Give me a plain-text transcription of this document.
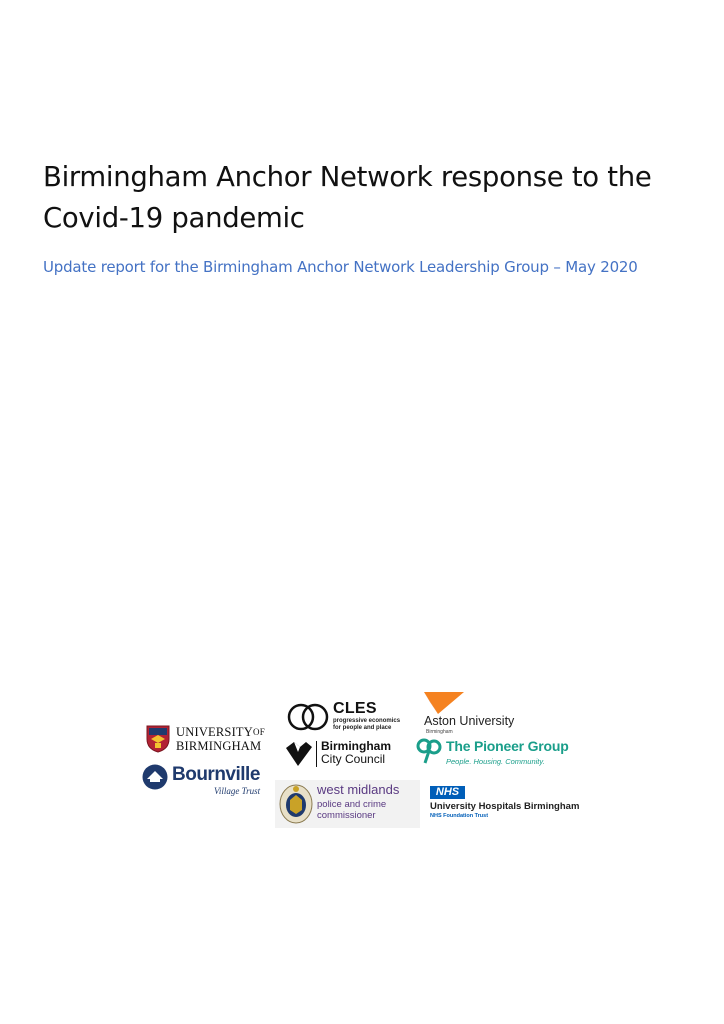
Birmingham Anchor Network response to the Covid-19 pandemic

Update report for the Birmingham Anchor Network Leadership Group – May 2020

$UNIVERSITY^{OF}$
BIRMINGHAM
CLES
progressive economics
for people and place	Aston University
Birmingham
Birmingham
City Council
The Pioneer Group
People. Housing. Community.
Bournville
Village Trust	west midlands
police and crime
commissioner
NHS
University Hospitals Birmingham
NHS Foundation Trust
